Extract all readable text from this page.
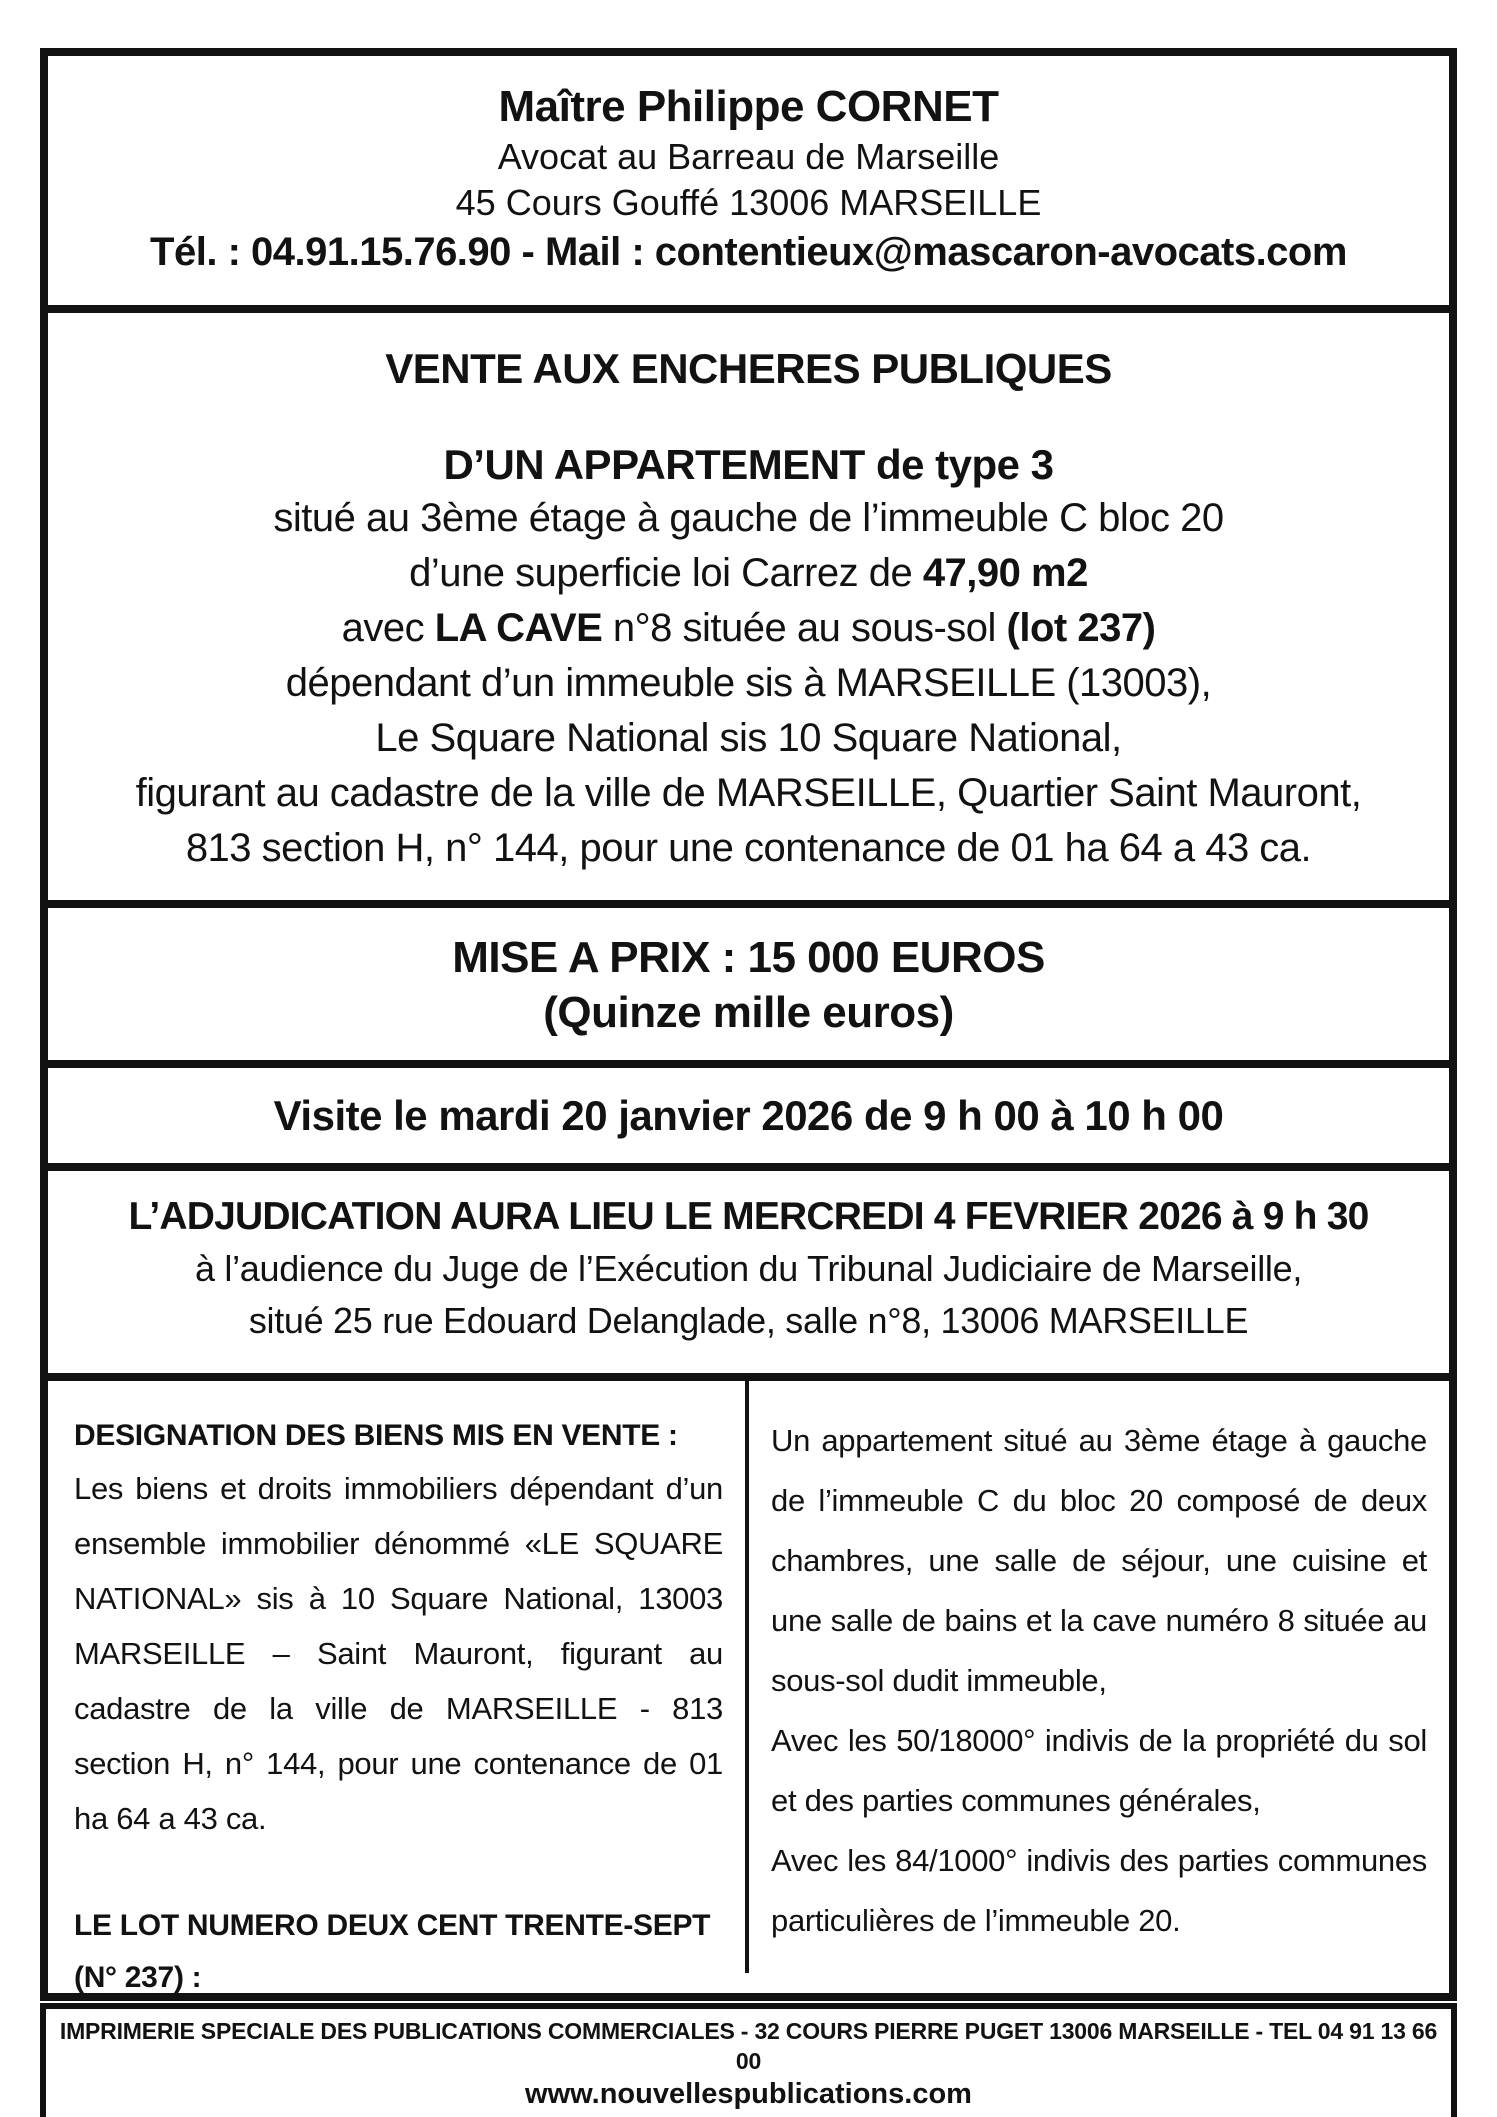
Maître Philippe CORNET
Avocat au Barreau de Marseille
45 Cours Gouffé 13006 MARSEILLE
Tél. : 04.91.15.76.90 - Mail : contentieux@mascaron-avocats.com
VENTE AUX ENCHERES PUBLIQUES
D’UN APPARTEMENT de type 3
situé au 3ème étage à gauche de l’immeuble C bloc 20
d’une superficie loi Carrez de 47,90 m2
avec LA CAVE n°8 située au sous-sol (lot 237)
dépendant d’un immeuble sis à MARSEILLE (13003),
Le Square National sis 10 Square National,
figurant au cadastre de la ville de MARSEILLE, Quartier Saint Mauront,
813 section H, n° 144, pour une contenance de 01 ha 64 a 43 ca.
MISE A PRIX : 15 000 EUROS
(Quinze mille euros)
Visite le mardi 20 janvier 2026 de 9 h 00 à 10 h 00
L’ADJUDICATION AURA LIEU LE MERCREDI 4 FEVRIER 2026 à 9 h 30
à l’audience du Juge de l’Exécution du Tribunal Judiciaire de Marseille,
situé 25 rue Edouard Delanglade, salle n°8, 13006 MARSEILLE
DESIGNATION DES BIENS MIS EN VENTE :
Les biens et droits immobiliers dépendant d’un ensemble immobilier dénommé «LE SQUARE NATIONAL» sis à 10 Square National, 13003 MARSEILLE – Saint Mauront, figurant au cadastre de la ville de MARSEILLE - 813 section H, n° 144, pour une contenance de 01 ha 64 a 43 ca.
LE LOT NUMERO DEUX CENT TRENTE-SEPT (N° 237) :

Un appartement situé au 3ème étage à gauche de l’immeuble C du bloc 20 composé de deux chambres, une salle de séjour, une cuisine et une salle de bains et la cave numéro 8 située au sous-sol dudit immeuble,

Avec les 50/18000° indivis de la propriété du sol et des parties communes générales,

Avec les 84/1000° indivis des parties communes particulières de l’immeuble 20.

IMPRIMERIE SPECIALE DES PUBLICATIONS COMMERCIALES - 32 COURS PIERRE PUGET 13006 MARSEILLE - TEL 04 91 13 66 00
www.nouvellespublications.com
